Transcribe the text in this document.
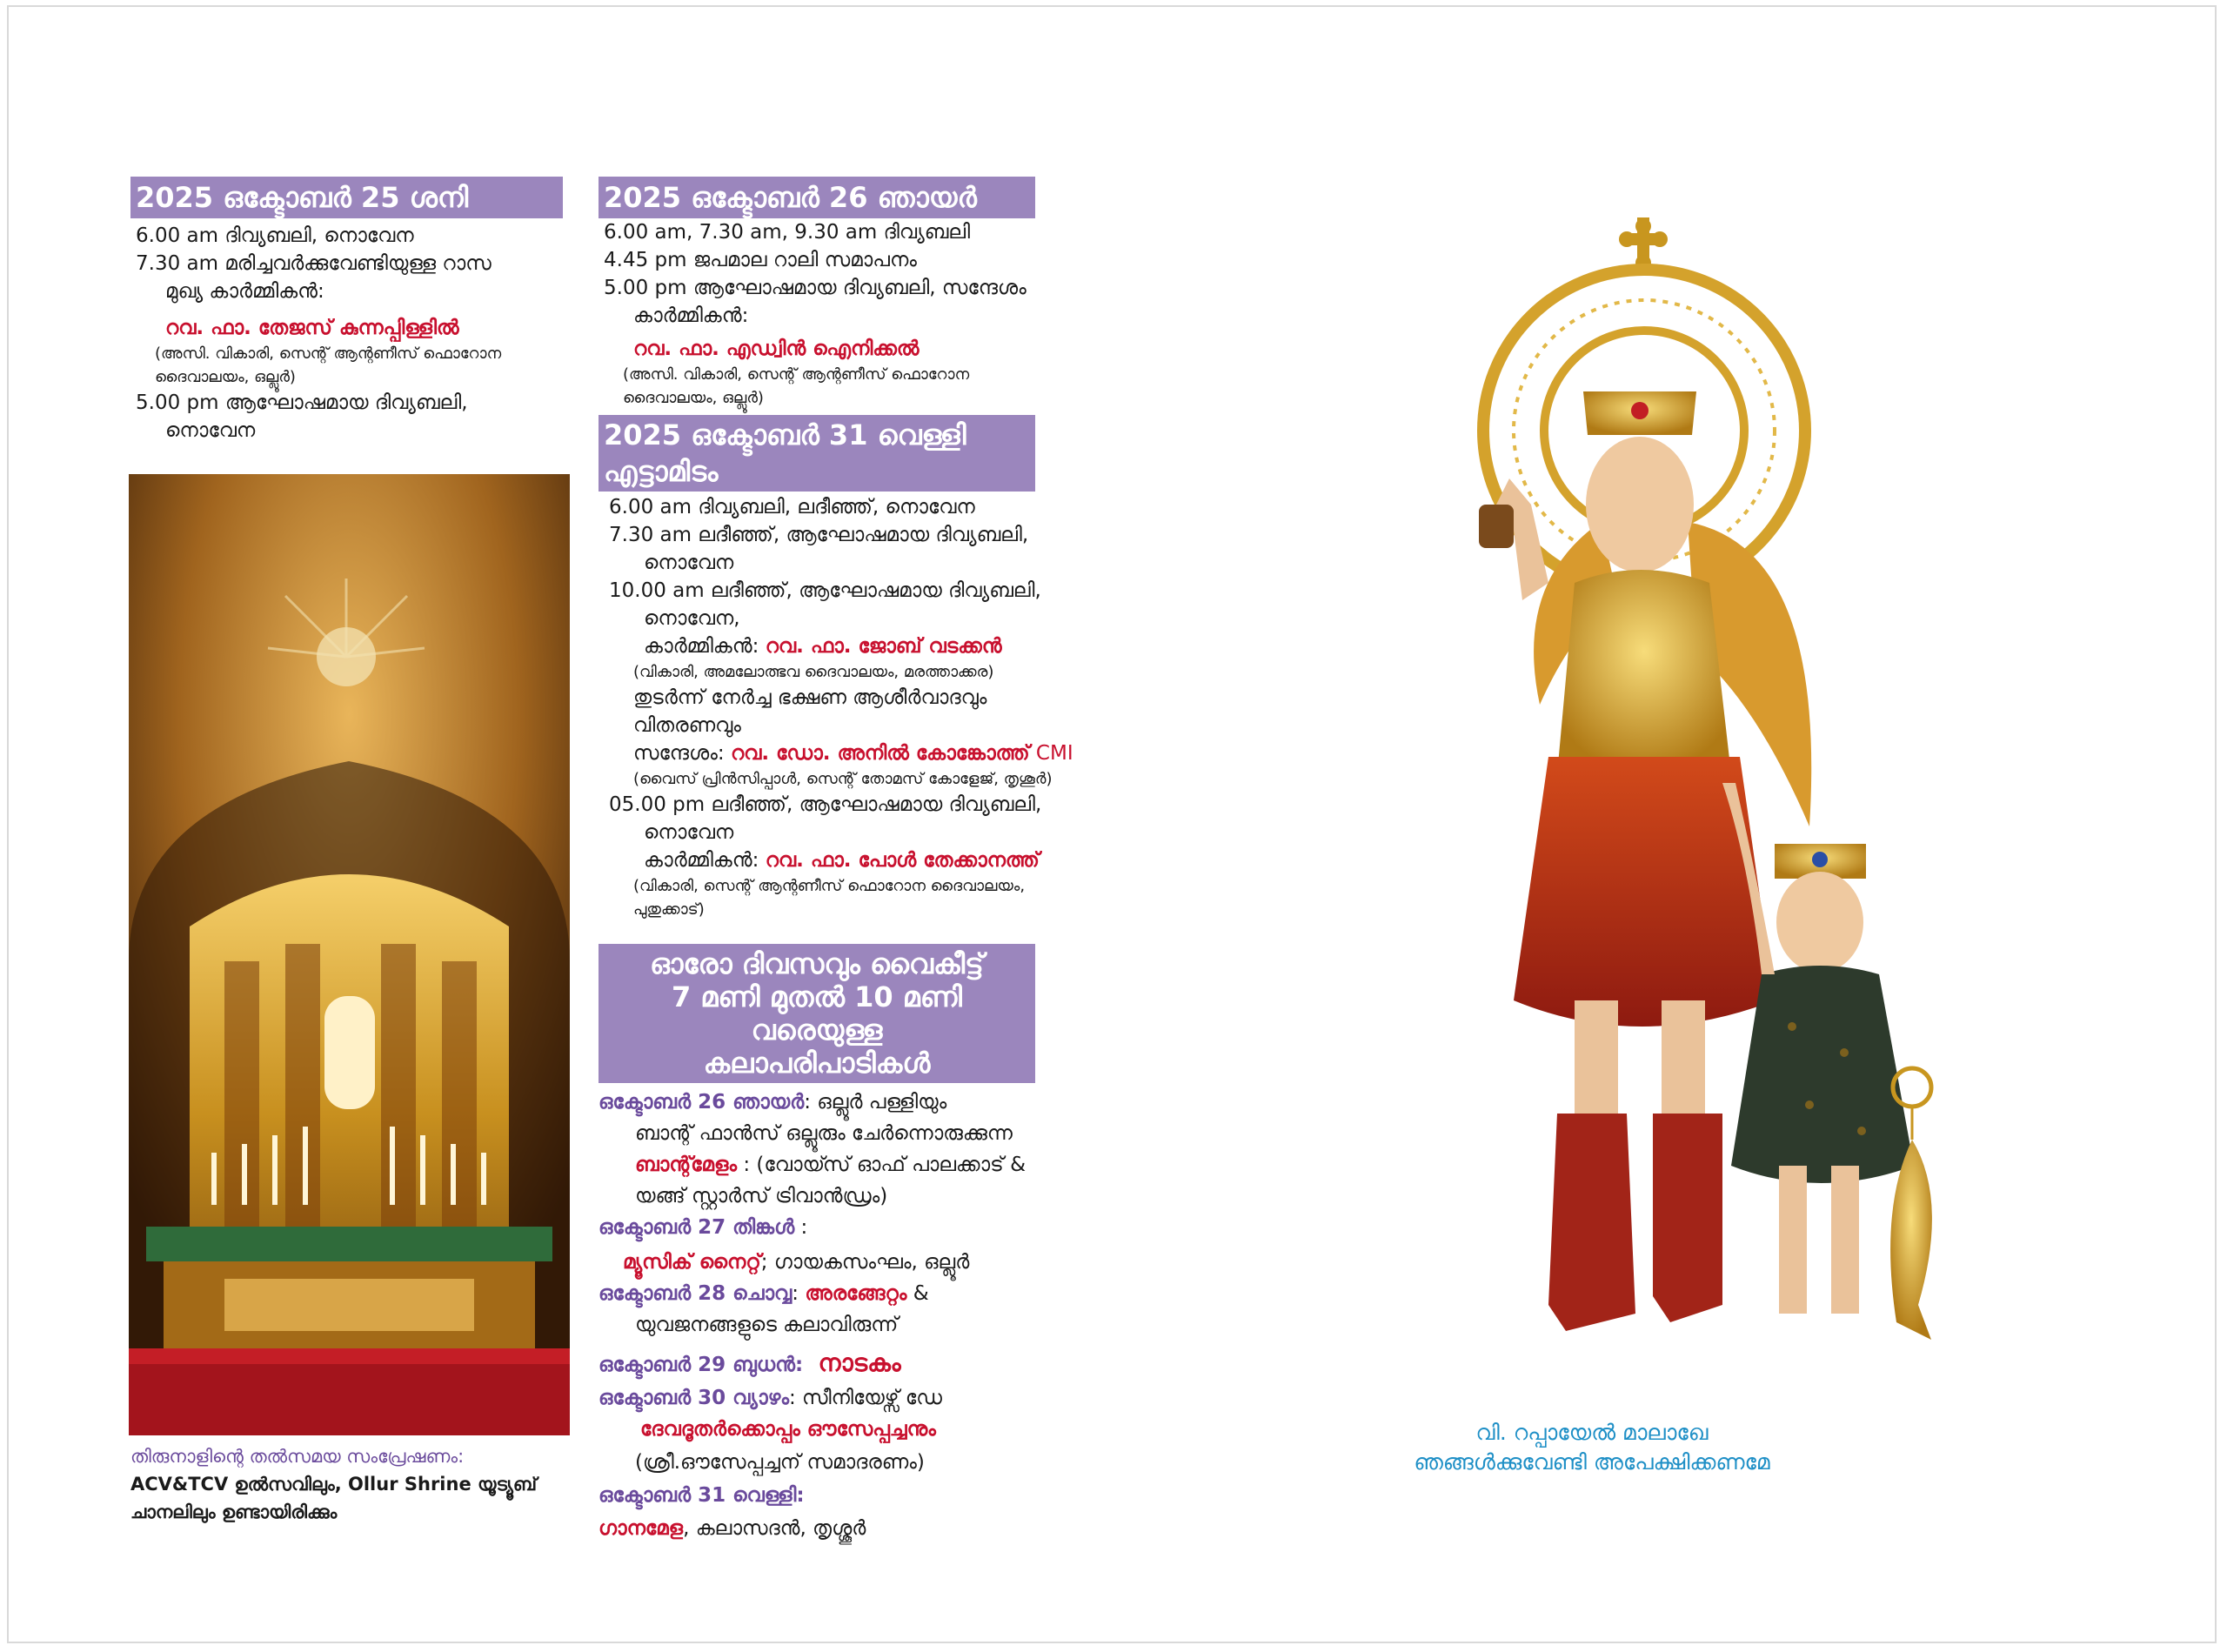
2025 ഒക്ടോബർ 25 ശനി
6.00 am ദിവ്യബലി, നൊവേന
7.30 am മരിച്ചവർക്കുവേണ്ടിയുള്ള റാസ
മുഖ്യ കാർമ്മികൻ:
റവ. ഫാ. തേജസ് കുന്നപ്പിള്ളിൽ
(അസി. വികാരി, സെന്റ് ആന്റണീസ് ഫൊറോന
ദൈവാലയം, ഒല്ലൂർ)
5.00 pm ആഘോഷമായ ദിവ്യബലി,
നൊവേന
തിരുനാളിന്റെ തൽസമയ സംപ്രേഷണം:
ACV&TCV ഉൽസവിലും, Ollur Shrine യൂട്യൂബ്
ചാനലിലും ഉണ്ടായിരിക്കും
2025 ഒക്ടോബർ 26 ഞായർ
6.00 am, 7.30 am, 9.30 am ദിവ്യബലി
4.45 pm ജപമാല റാലി സമാപനം
5.00 pm ആഘോഷമായ ദിവ്യബലി, സന്ദേശം
കാർമ്മികൻ:
റവ. ഫാ. എഡ്വിൻ ഐനിക്കൽ
(അസി. വികാരി, സെന്റ് ആന്റണീസ് ഫൊറോന
ദൈവാലയം, ഒല്ലൂർ)
2025 ഒക്ടോബർ 31 വെള്ളി
എട്ടാമിടം
6.00 am ദിവ്യബലി, ലദീഞ്ഞ്, നൊവേന
7.30 am ലദീഞ്ഞ്, ആഘോഷമായ ദിവ്യബലി,
നൊവേന
10.00 am ലദീഞ്ഞ്, ആഘോഷമായ ദിവ്യബലി,
നൊവേന,
കാർമ്മികൻ: റവ. ഫാ. ജോബ് വടക്കൻ
(വികാരി, അമലോത്ഭവ ദൈവാലയം, മരത്താക്കര)
തുടർന്ന് നേർച്ച ഭക്ഷണ ആശീർവാദവും
വിതരണവും
സന്ദേശം: റവ. ഡോ. അനിൽ കോങ്കോത്ത് CMI
(വൈസ് പ്രിൻസിപ്പാൾ, സെന്റ് തോമസ് കോളേജ്, തൃശൂർ)
05.00 pm ലദീഞ്ഞ്, ആഘോഷമായ ദിവ്യബലി,
നൊവേന
കാർമ്മികൻ: റവ. ഫാ. പോൾ തേക്കാനത്ത്
(വികാരി, സെന്റ് ആന്റണീസ് ഫൊറോന ദൈവാലയം,
പുതുക്കാട്)
ഓരോ ദിവസവും വൈകീട്ട്
7 മണി മുതൽ 10 മണി വരെയുള്ള
കലാപരിപാടികൾ
ഒക്ടോബർ 26 ഞായർ: ഒല്ലൂർ പള്ളിയും
ബാന്റ് ഫാൻസ് ഒല്ലൂരും ചേർന്നൊരുക്കുന്ന
ബാന്റ്മേളം : (വോയ്സ് ഓഫ് പാലക്കാട് &
യങ്ങ് സ്റ്റാർസ് ട്രിവാൻഡ്രം)
ഒക്ടോബർ 27 തിങ്കൾ :
മ്യൂസിക് നൈറ്റ്; ഗായകസംഘം, ഒല്ലൂർ
ഒക്ടോബർ 28 ചൊവ്വ: അരങ്ങേറ്റം &
യുവജനങ്ങളുടെ കലാവിരുന്ന്
ഒക്ടോബർ 29 ബുധൻ: നാടകം
ഒക്ടോബർ 30 വ്യാഴം: സീനിയേഴ്സ് ഡേ
ദേവദൂതർക്കൊപ്പം ഔസേപ്പച്ചനും
(ശ്രീ.ഔസേപ്പച്ചന് സമാദരണം)
ഒക്ടോബർ 31 വെള്ളി:
ഗാനമേള, കലാസദൻ, തൃശ്ശൂർ
വി. റപ്പായേൽ മാലാഖേ
ഞങ്ങൾക്കുവേണ്ടി അപേക്ഷിക്കണമേ
